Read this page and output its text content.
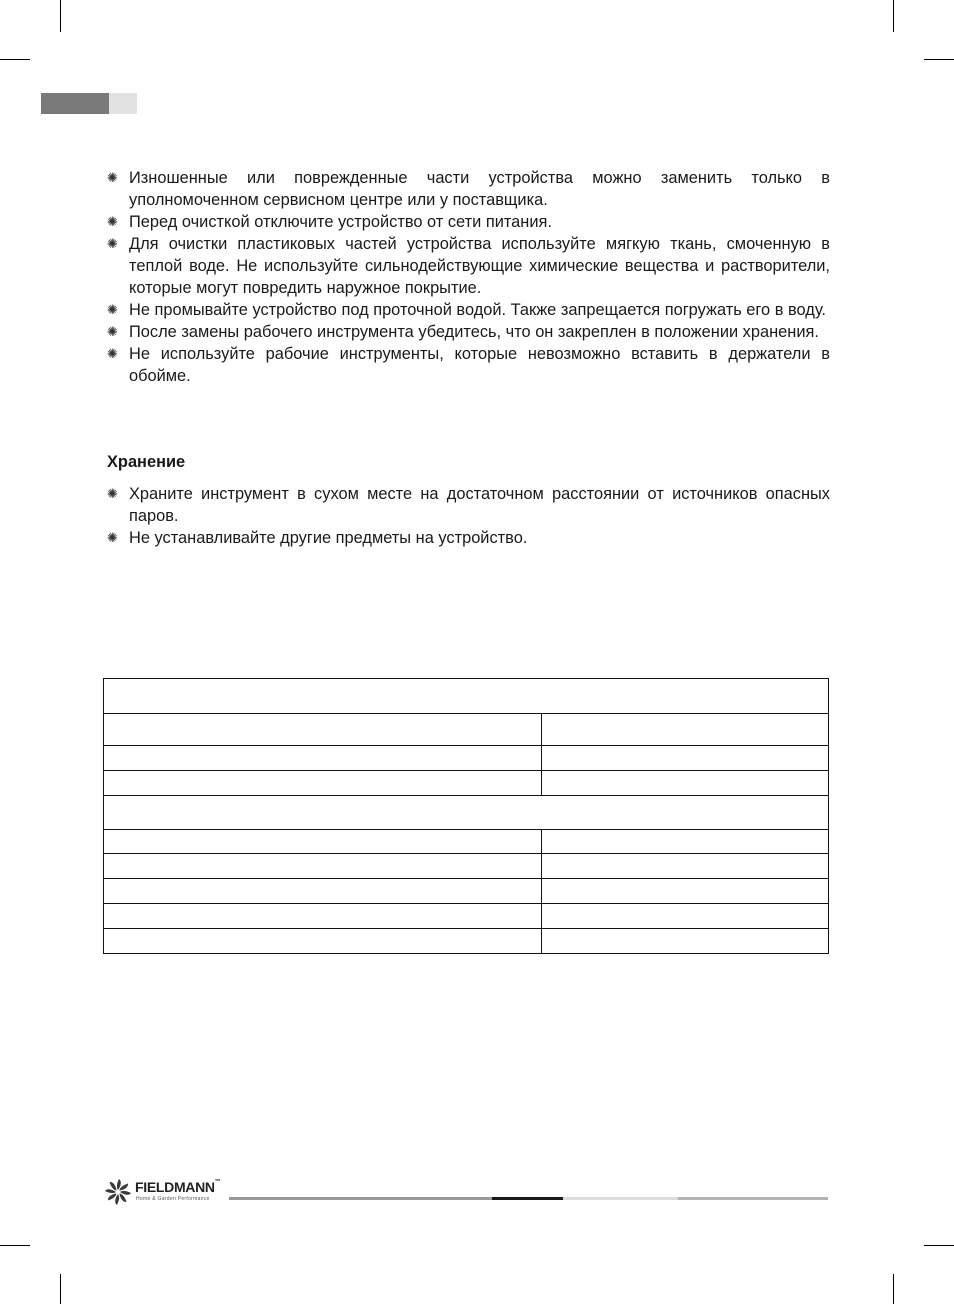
✺ Изношенные или поврежденные части устройства можно заменить только в уполномоченном сервисном центре или у поставщика.
✺ Перед очисткой отключите устройство от сети питания.
✺ Для очистки пластиковых частей устройства используйте мягкую ткань, смоченную в теплой воде. Не используйте сильнодействующие химические вещества и растворители, которые могут повредить наружное покрытие.
✺ Не промывайте устройство под проточной водой. Также запрещается погружать его в воду.
✺ После замены рабочего инструмента убедитесь, что он закреплен в положении хранения.
✺ Не используйте рабочие инструменты, которые невозможно вставить в держатели в обойме.
Хранение
✺ Храните инструмент в сухом месте на достаточном расстоянии от источников опасных паров.
✺ Не устанавливайте другие предметы на устройство.

FIELDMANN™
Home & Garden Performance
